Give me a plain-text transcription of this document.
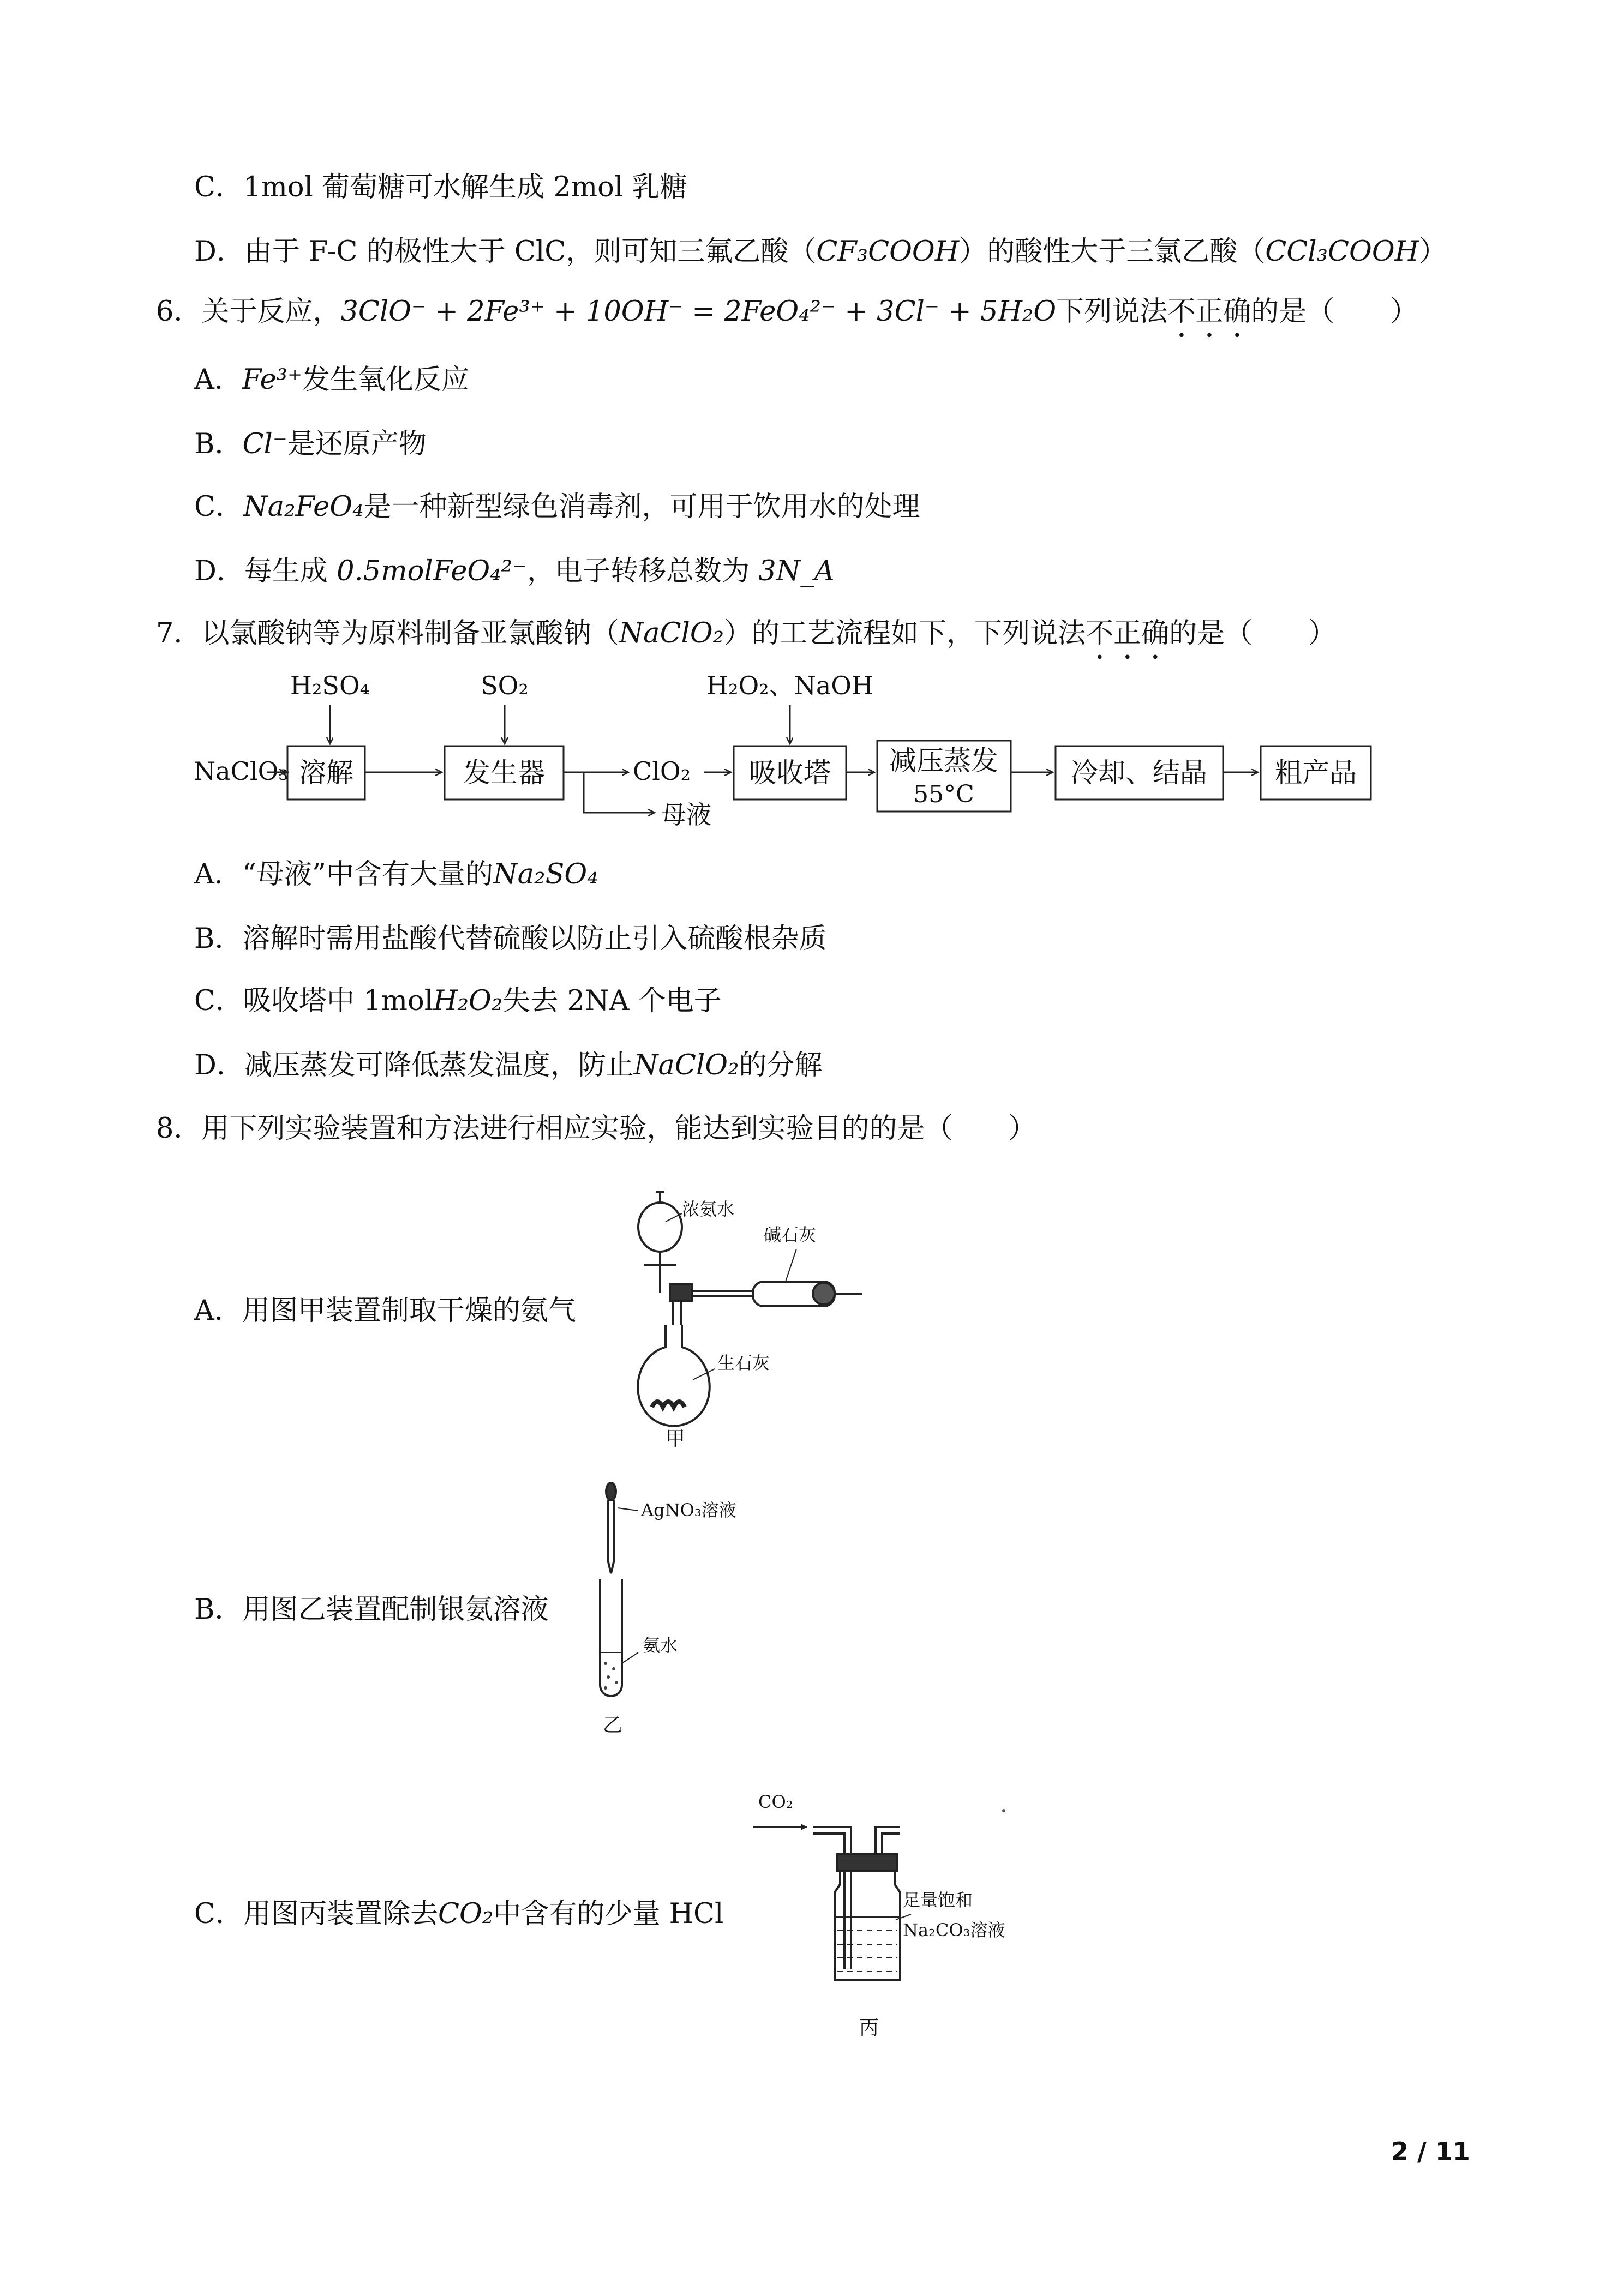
C．1mol 葡萄糖可水解生成 2mol 乳糖
D．由于 F-C 的极性大于 ClC，则可知三氟乙酸（CF₃COOH）的酸性大于三氯乙酸（CCl₃COOH）
6．关于反应，3ClO⁻ + 2Fe³⁺ + 10OH⁻ = 2FeO₄²⁻ + 3Cl⁻ + 5H₂O下列说法不正确的是（　　）
A．Fe³⁺发生氧化反应
B．Cl⁻是还原产物
C．Na₂FeO₄是一种新型绿色消毒剂，可用于饮用水的处理
D．每生成 0.5molFeO₄²⁻，电子转移总数为 3N_A
7．以氯酸钠等为原料制备亚氯酸钠（NaClO₂）的工艺流程如下，下列说法不正确的是（　　）
H₂SO₄	SO₂	H₂O₂、NaOH
NaClO₃	ClO₂
母液
溶解	发生器	吸收塔 减压蒸发
55°C
冷却、结晶 粗产品
A．“母液”中含有大量的Na₂SO₄
B．溶解时需用盐酸代替硫酸以防止引入硫酸根杂质
C．吸收塔中 1molH₂O₂失去 2NA 个电子
D．减压蒸发可降低蒸发温度，防止NaClO₂的分解
8．用下列实验装置和方法进行相应实验，能达到实验目的的是（　　）
A．用图甲装置制取干燥的氨气
浓氨水
碱石灰
生石灰
甲
B．用图乙装置配制银氨溶液
AgNO₃溶液
氨水
乙
C．用图丙装置除去CO₂中含有的少量 HCl
CO₂
足量饱和
Na₂CO₃溶液
丙
2 / 11
